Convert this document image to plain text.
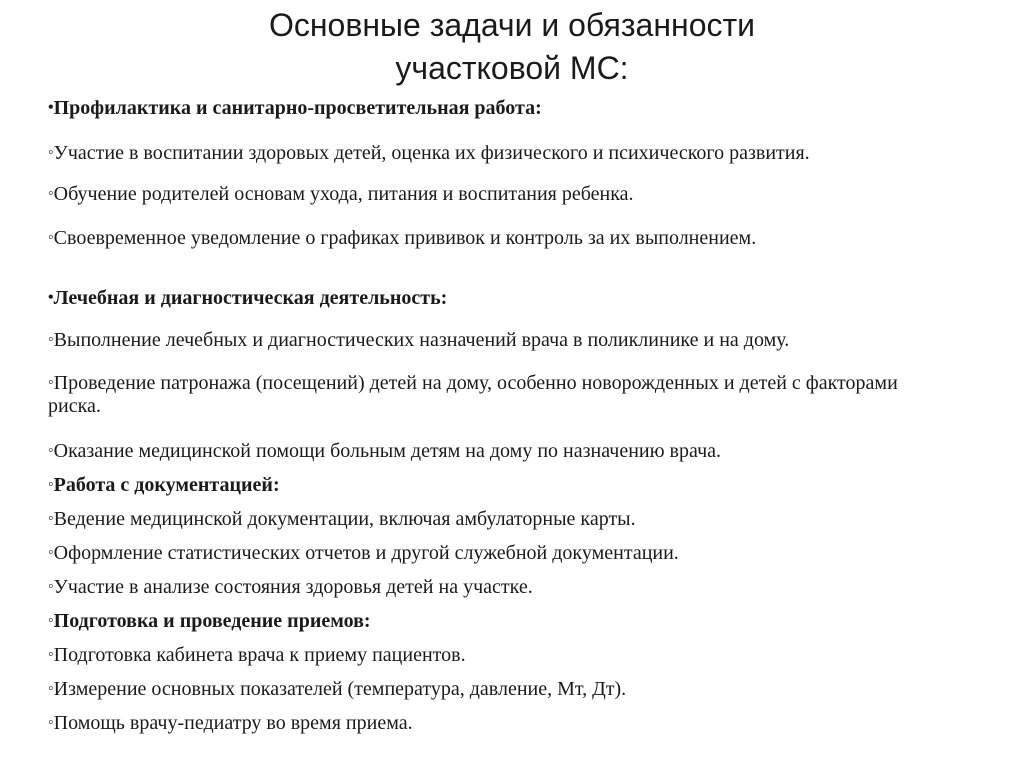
Основные задачи и обязанности
участковой МС:
•Профилактика и санитарно-просветительная работа:
◦Участие в воспитании здоровых детей, оценка их физического и психического развития.
◦Обучение родителей основам ухода, питания и воспитания ребенка.
◦Своевременное уведомление о графиках прививок и контроль за их выполнением.
•Лечебная и диагностическая деятельность:
◦Выполнение лечебных и диагностических назначений врача в поликлинике и на дому.
◦Проведение патронажа (посещений) детей на дому, особенно новорожденных и детей с факторами риска.
◦Оказание медицинской помощи больным детям на дому по назначению врача.
◦Работа с документацией:
◦Ведение медицинской документации, включая амбулаторные карты.
◦Оформление статистических отчетов и другой служебной документации.
◦Участие в анализе состояния здоровья детей на участке.
◦Подготовка и проведение приемов:
◦Подготовка кабинета врача к приему пациентов.
◦Измерение основных показателей (температура, давление, Мт, Дт).
◦Помощь врачу-педиатру во время приема.
